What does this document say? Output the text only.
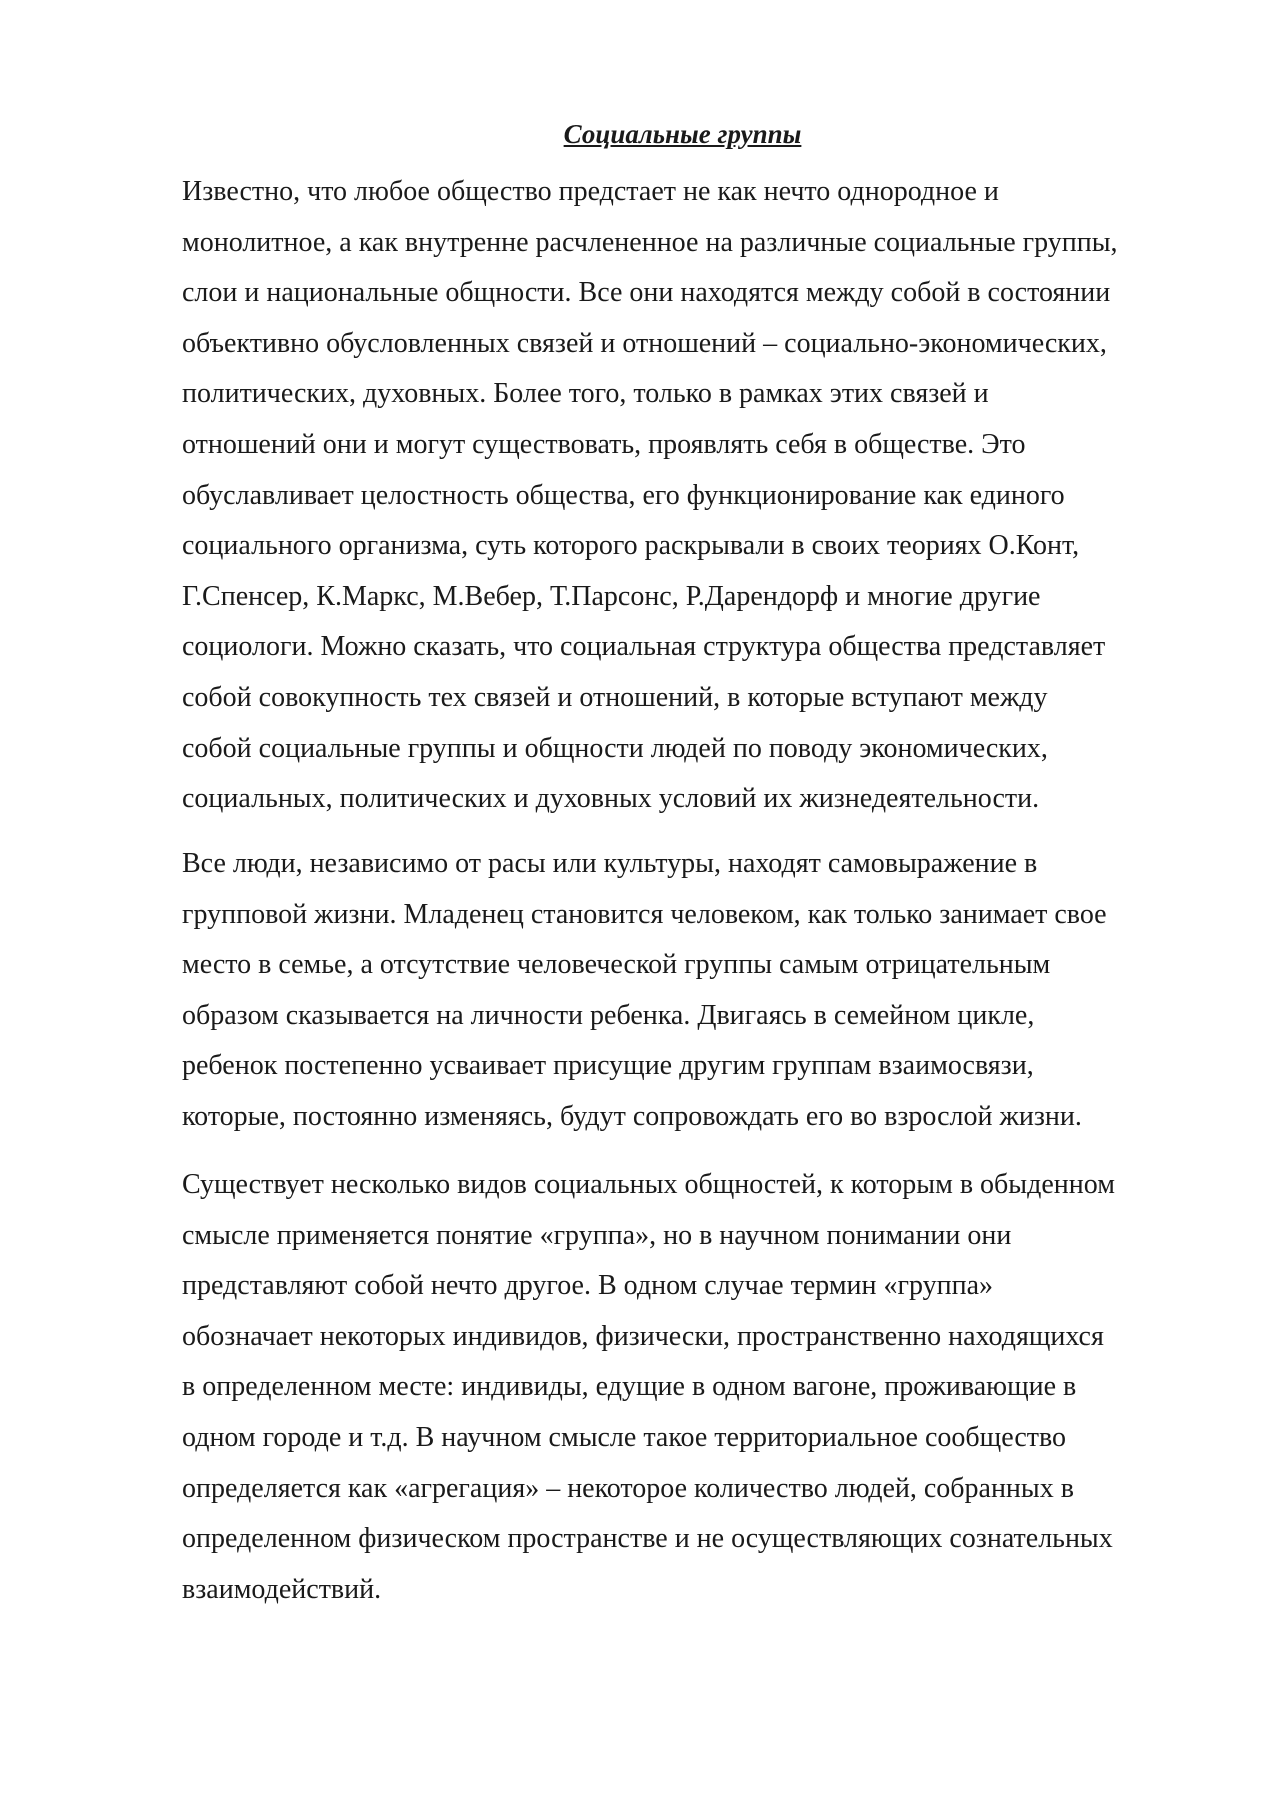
Социальные группы
Известно, что любое общество предстает не как нечто однородное и
монолитное, а как внутренне расчлененное на различные социальные группы,
слои и национальные общности. Все они находятся между собой в состоянии
объективно обусловленных связей и отношений – социально-экономических,
политических, духовных. Более того, только в рамках этих связей и
отношений они и могут существовать, проявлять себя в обществе. Это
обуславливает целостность общества, его функционирование как единого
социального организма, суть которого раскрывали в своих теориях О.Конт,
Г.Спенсер, К.Маркс, М.Вебер, Т.Парсонс, Р.Дарендорф и многие другие
социологи. Можно сказать, что социальная структура общества представляет
собой совокупность тех связей и отношений, в которые вступают между
собой социальные группы и общности людей по поводу экономических,
социальных, политических и духовных условий их жизнедеятельности.
Все люди, независимо от расы или культуры, находят самовыражение в
групповой жизни. Младенец становится человеком, как только занимает свое
место в семье, а отсутствие человеческой группы самым отрицательным
образом сказывается на личности ребенка. Двигаясь в семейном цикле,
ребенок постепенно усваивает присущие другим группам взаимосвязи,
которые, постоянно изменяясь, будут сопровождать его во взрослой жизни.
Существует несколько видов социальных общностей, к которым в обыденном
смысле применяется понятие «группа», но в научном понимании они
представляют собой нечто другое. В одном случае термин «группа»
обозначает некоторых индивидов, физически, пространственно находящихся
в определенном месте: индивиды, едущие в одном вагоне, проживающие в
одном городе и т.д. В научном смысле такое территориальное сообщество
определяется как «агрегация» – некоторое количество людей, собранных в
определенном физическом пространстве и не осуществляющих сознательных
взаимодействий.
